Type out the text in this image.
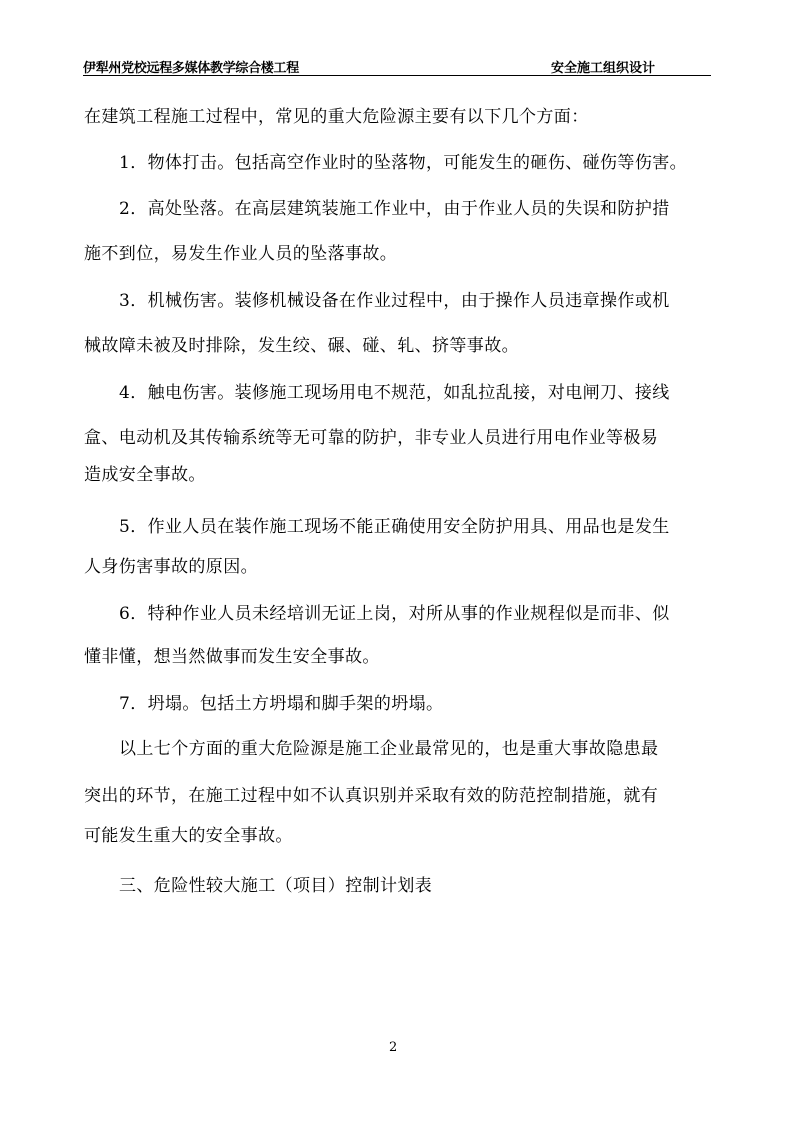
伊犁州党校远程多媒体教学综合楼工程	安全施工组织设计
在建筑工程施工过程中，常见的重大危险源主要有以下几个方面：
1．物体打击。包括高空作业时的坠落物，可能发生的砸伤、碰伤等伤害。
2．高处坠落。在高层建筑装施工作业中，由于作业人员的失误和防护措
施不到位，易发生作业人员的坠落事故。
3．机械伤害。装修机械设备在作业过程中，由于操作人员违章操作或机
械故障未被及时排除，发生绞、碾、碰、轧、挤等事故。
4．触电伤害。装修施工现场用电不规范，如乱拉乱接，对电闸刀、接线
盒、电动机及其传输系统等无可靠的防护，非专业人员进行用电作业等极易
造成安全事故。
5．作业人员在装作施工现场不能正确使用安全防护用具、用品也是发生
人身伤害事故的原因。
6．特种作业人员未经培训无证上岗，对所从事的作业规程似是而非、似
懂非懂，想当然做事而发生安全事故。
7．坍塌。包括土方坍塌和脚手架的坍塌。
以上七个方面的重大危险源是施工企业最常见的，也是重大事故隐患最
突出的环节，在施工过程中如不认真识别并采取有效的防范控制措施，就有
可能发生重大的安全事故。
三、危险性较大施工（项目）控制计划表
2
